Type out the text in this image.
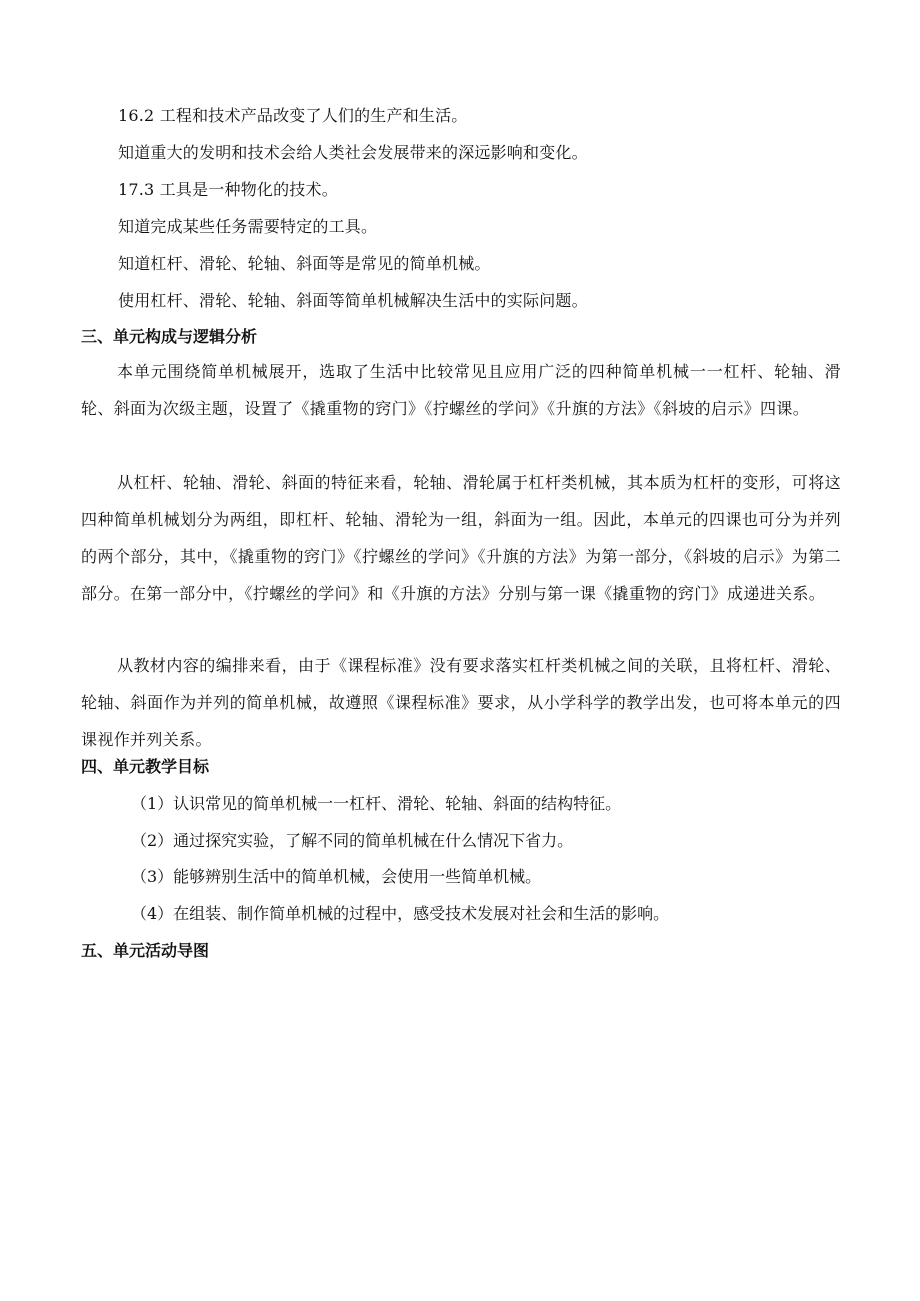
16.2 工程和技术产品改变了人们的生产和生活。
知道重大的发明和技术会给人类社会发展带来的深远影响和变化。
17.3 工具是一种物化的技术。
知道完成某些任务需要特定的工具。
知道杠杆、滑轮、轮轴、斜面等是常见的简单机械。
使用杠杆、滑轮、轮轴、斜面等简单机械解决生活中的实际问题。
三、单元构成与逻辑分析
本单元围绕简单机械展开，选取了生活中比较常见且应用广泛的四种简单机械一一杠杆、轮轴、滑轮、斜面为次级主题，设置了《撬重物的窍门》《拧螺丝的学问》《升旗的方法》《斜坡的启示》四课。
从杠杆、轮轴、滑轮、斜面的特征来看，轮轴、滑轮属于杠杆类机械，其本质为杠杆的变形，可将这四种简单机械划分为两组，即杠杆、轮轴、滑轮为一组，斜面为一组。因此，本单元的四课也可分为并列的两个部分，其中，《撬重物的窍门》《拧螺丝的学问》《升旗的方法》为第一部分，《斜坡的启示》为第二部分。在第一部分中，《拧螺丝的学问》和《升旗的方法》分别与第一课《撬重物的窍门》成递进关系。
从教材内容的编排来看，由于《课程标准》没有要求落实杠杆类机械之间的关联，且将杠杆、滑轮、轮轴、斜面作为并列的简单机械，故遵照《课程标准》要求，从小学科学的教学出发，也可将本单元的四课视作并列关系。
四、单元教学目标
（1）认识常见的简单机械一一杠杆、滑轮、轮轴、斜面的结构特征。
（2）通过探究实验，了解不同的简单机械在什么情况下省力。
（3）能够辨别生活中的简单机械，会使用一些简单机械。
（4）在组装、制作简单机械的过程中，感受技术发展对社会和生活的影响。
五、单元活动导图
